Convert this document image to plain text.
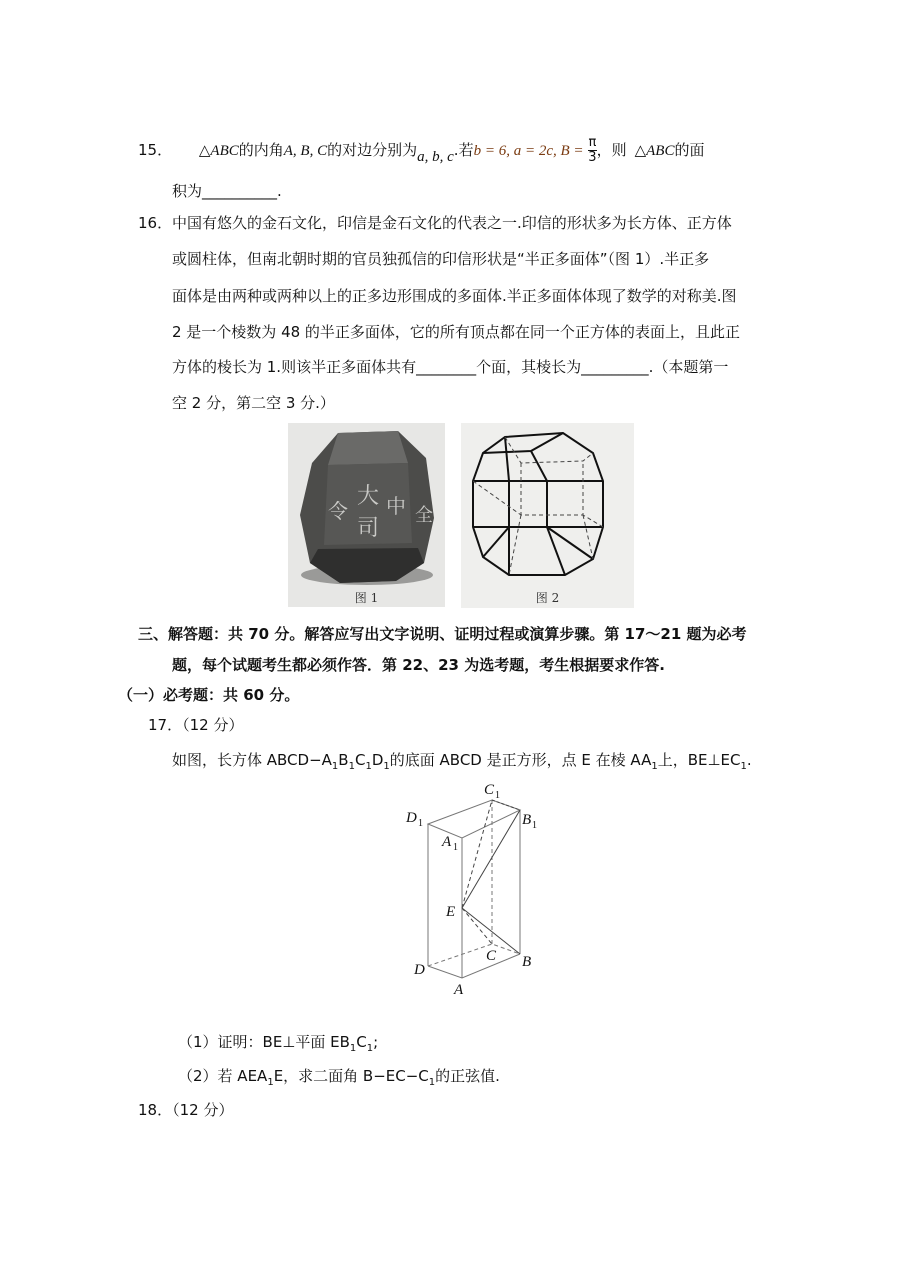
15． △ABC的内角A, B, C的对边分别为a, b, c.若b = 6, a = 2c, $B = \frac{\pi}{3}$ ，则 △ABC的面
积为__________.
16． 中国有悠久的金石文化，印信是金石文化的代表之一.印信的形状多为长方体、正方体
或圆柱体，但南北朝时期的官员独孤信的印信形状是“半正多面体”（图 1）.半正多
面体是由两种或两种以上的正多边形围成的多面体.半正多面体体现了数学的对称美.图
2 是一个棱数为 48 的半正多面体，它的所有顶点都在同一个正方体的表面上，且此正
方体的棱长为 1.则该半正多面体共有________个面，其棱长为_________.（本题第一
空 2 分，第二空 3 分.）
大
司
中
令	全
图 1	图 2
三、解答题：共 70 分。解答应写出文字说明、证明过程或演算步骤。第 17～21 题为必考
题，每个试题考生都必须作答．第 22、23 为选考题，考生根据要求作答.
（一）必考题：共 60 分。
17．（12 分）
如图，长方体 $ABCD-A_1B_1C_1D_1$的底面 ABCD 是正方形，点 E 在棱 $AA_1$上，$BE\perp EC_1$.
D
C
B
A
E
C B
D
A
1
1
1
1
（1）证明：BE⊥平面 $EB_1C_1$;
（2）若 $AEA_1E$，求二面角 $B-EC-C_1$的正弦值.
18．（12 分）
